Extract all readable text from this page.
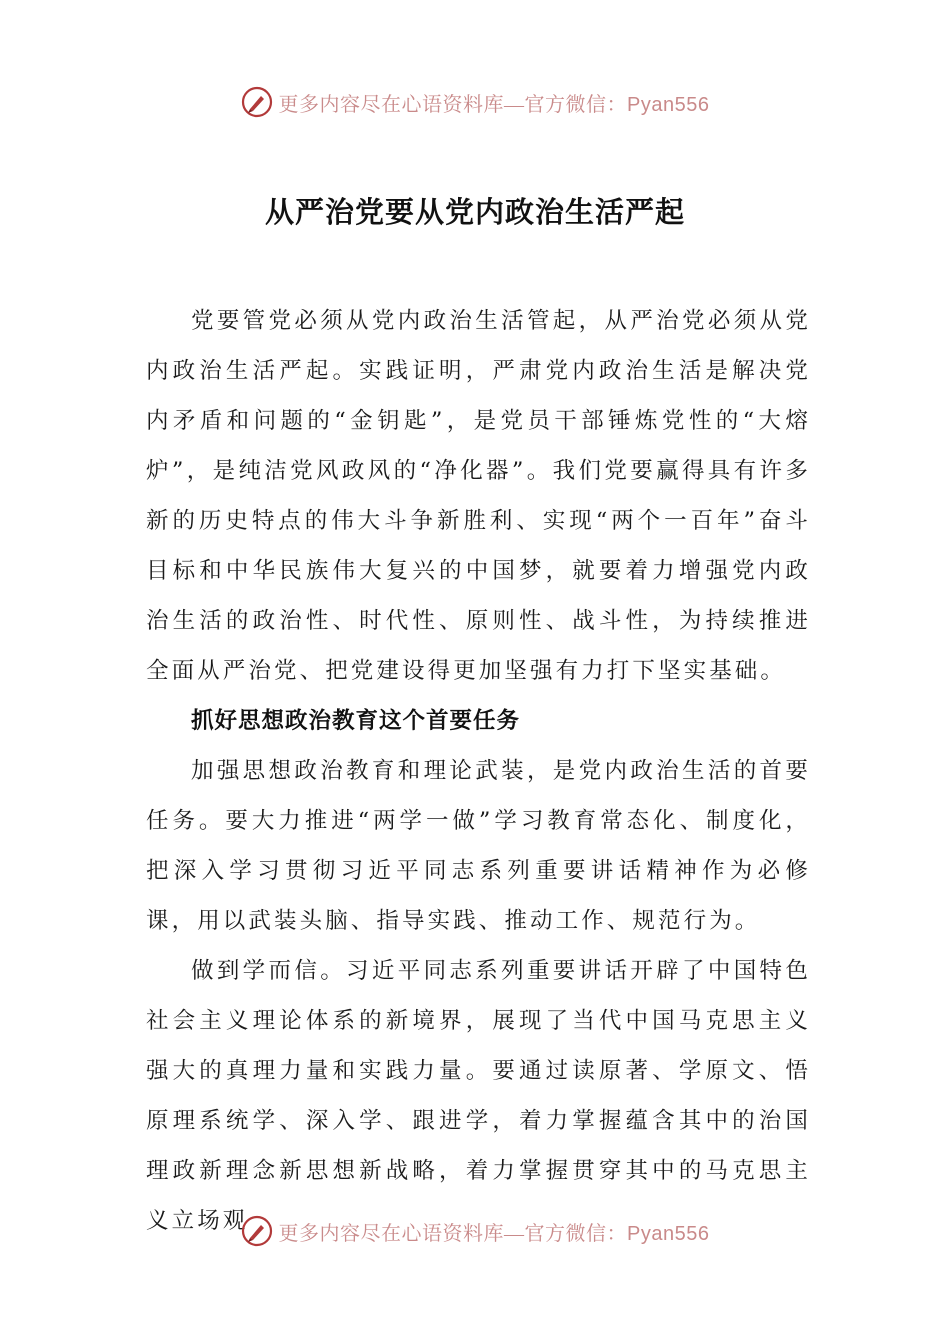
更多内容尽在心语资料库—官方微信：Pyan556
从严治党要从党内政治生活严起

党要管党必须从党内政治生活管起，从严治党必须从党内政治生活严起。实践证明，严肃党内政治生活是解决党内矛盾和问题的“金钥匙”，是党员干部锤炼党性的“大熔炉”，是纯洁党风政风的“净化器”。我们党要赢得具有许多新的历史特点的伟大斗争新胜利、实现“两个一百年”奋斗目标和中华民族伟大复兴的中国梦，就要着力增强党内政治生活的政治性、时代性、原则性、战斗性，为持续推进全面从严治党、把党建设得更加坚强有力打下坚实基础。

抓好思想政治教育这个首要任务

加强思想政治教育和理论武装，是党内政治生活的首要任务。要大力推进“两学一做”学习教育常态化、制度化，把深入学习贯彻习近平同志系列重要讲话精神作为必修课，用以武装头脑、指导实践、推动工作、规范行为。

做到学而信。习近平同志系列重要讲话开辟了中国特色社会主义理论体系的新境界，展现了当代中国马克思主义强大的真理力量和实践力量。要通过读原著、学原文、悟原理系统学、深入学、跟进学，着力掌握蕴含其中的治国理政新理念新思想新战略，着力掌握贯穿其中的马克思主义立场观	更多内容尽在心语资料库—官方微信：Pyan556
